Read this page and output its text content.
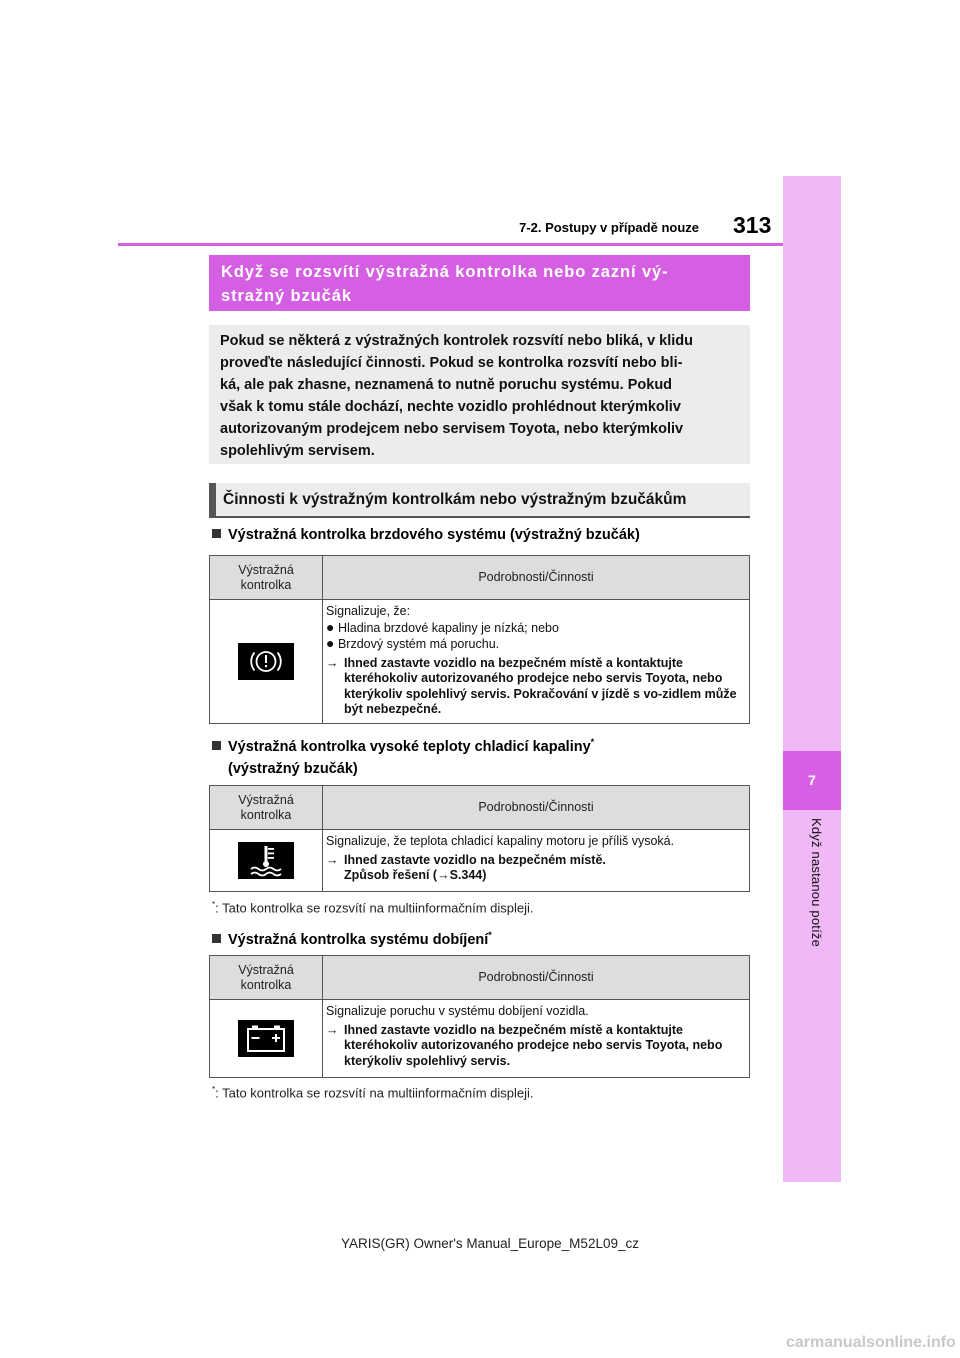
7
Když nastanou potíže
313
7-2. Postupy v případě nouze
Když se rozsvítí výstražná kontrolka nebo zazní vý-
stražný bzučák
Pokud se některá z výstražných kontrolek rozsvítí nebo bliká, v klidu
proveďte následující činnosti. Pokud se kontrolka rozsvítí nebo bli-
ká, ale pak zhasne, neznamená to nutně poruchu systému. Pokud
však k tomu stále dochází, nechte vozidlo prohlédnout kterýmkoliv
autorizovaným prodejcem nebo servisem Toyota, nebo kterýmkoliv
spolehlivým servisem.
Činnosti k výstražným kontrolkám nebo výstražným bzučákům
Výstražná kontrolka brzdového systému (výstražný bzučák)
Výstražná
kontrolka	Podrobnosti/Činnosti

Signalizuje, že:
● Hladina brzdové kapaliny je nízká; nebo
● Brzdový systém má poruchu.
→ Ihned zastavte vozidlo na bezpečném místě a kontaktujte kteréhokoliv autorizovaného prodejce nebo servis Toyota, nebo kterýkoliv spolehlivý servis. Pokračování v jízdě s vo-zidlem může být nebezpečné.
Výstražná kontrolka vysoké teploty chladicí kapaliny*
(výstražný bzučák)
Výstražná
kontrolka	Podrobnosti/Činnosti

Signalizuje, že teplota chladicí kapaliny motoru je příliš vysoká.
→ Ihned zastavte vozidlo na bezpečném místě.
Způsob řešení (→S.344)
*: Tato kontrolka se rozsvítí na multiinformačním displeji.
Výstražná kontrolka systému dobíjení*
Výstražná
kontrolka	Podrobnosti/Činnosti

Signalizuje poruchu v systému dobíjení vozidla.
→ Ihned zastavte vozidlo na bezpečném místě a kontaktujte kteréhokoliv autorizovaného prodejce nebo servis Toyota, nebo kterýkoliv spolehlivý servis.
*: Tato kontrolka se rozsvítí na multiinformačním displeji.
YARIS(GR) Owner's Manual_Europe_M52L09_cz
carmanualsonline.info
